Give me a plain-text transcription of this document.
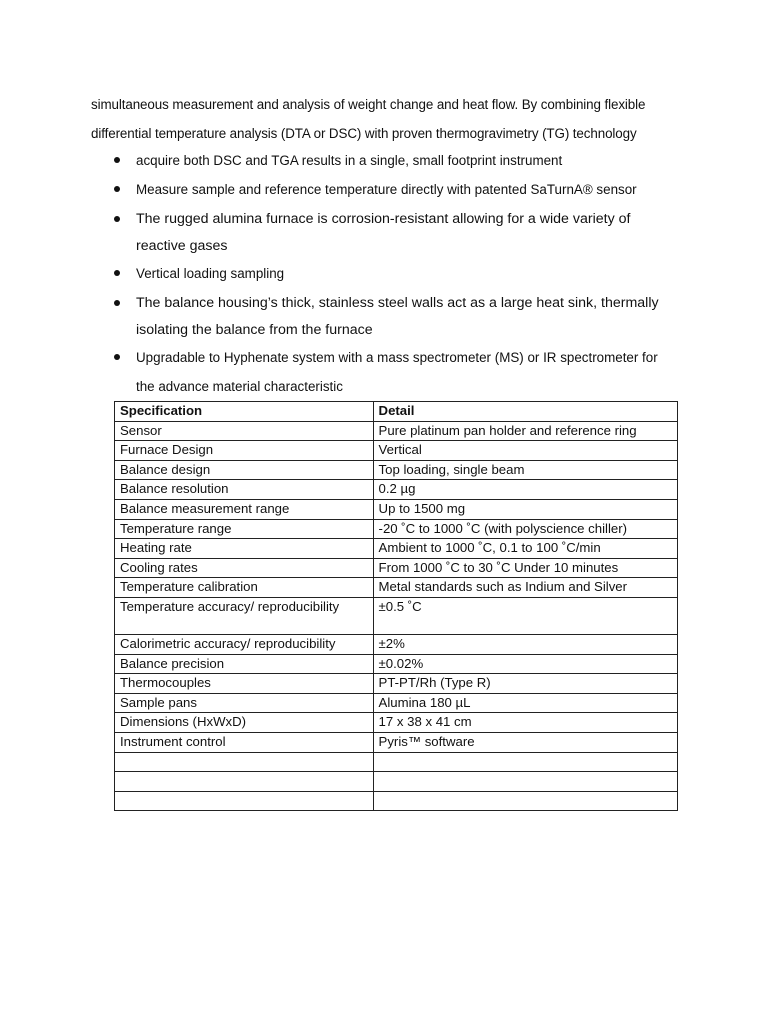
simultaneous measurement and analysis of weight change and heat flow. By combining flexible

differential temperature analysis (DTA or DSC) with proven thermogravimetry (TG) technology

acquire both DSC and TGA results in a single, small footprint instrument
Measure sample and reference temperature directly with patented SaTurnA® sensor
The rugged alumina furnace is corrosion-resistant allowing for a wide variety of
reactive gases
Vertical loading sampling
The balance housing’s thick, stainless steel walls act as a large heat sink, thermally
isolating the balance from the furnace
Upgradable to Hyphenate system with a mass spectrometer (MS) or IR spectrometer for
the advance material characteristic
Specification	Detail
Sensor	Pure platinum pan holder and reference ring
Furnace Design	Vertical
Balance design	Top loading, single beam
Balance resolution	0.2 µg
Balance measurement range	Up to 1500 mg
Temperature range	-20 ˚C to 1000 ˚C (with polyscience chiller)
Heating rate	Ambient to 1000 ˚C, 0.1 to 100 ˚C/min
Cooling rates	From 1000 ˚C to 30 ˚C Under 10 minutes
Temperature calibration	Metal standards such as Indium and Silver
Temperature accuracy/ reproducibility	±0.5 ˚C
Calorimetric accuracy/ reproducibility	±2%
Balance precision	±0.02%
Thermocouples	PT-PT/Rh (Type R)
Sample pans	Alumina 180 µL
Dimensions (HxWxD)	17 x 38 x 41 cm
Instrument control	Pyris™ software
